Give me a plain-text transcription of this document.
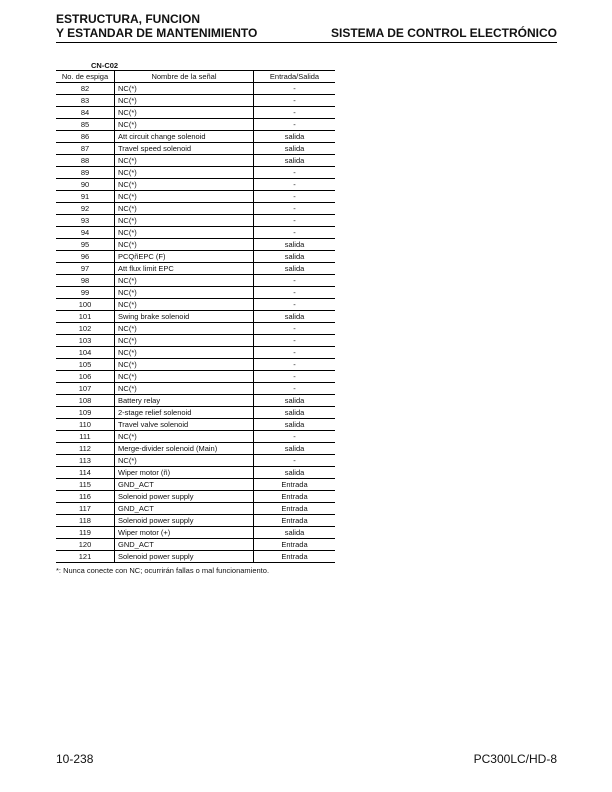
ESTRUCTURA, FUNCION
Y ESTANDAR DE MANTENIMIENTO	SISTEMA DE CONTROL ELECTRÓNICO
CN-C02
No. de espiga	Nombre de la señal	Entrada/Salida
82	NC(*)	-
83	NC(*)	-
84	NC(*)	-
85	NC(*)	-
86	Att circuit change solenoid	salida
87	Travel speed solenoid	salida
88	NC(*)	salida
89	NC(*)	-
90	NC(*)	-
91	NC(*)	-
92	NC(*)	-
93	NC(*)	-
94	NC(*)	-
95	NC(*)	salida
96	PCQñEPC (F)	salida
97	Att flux limit EPC	salida
98	NC(*)	-
99	NC(*)	-
100	NC(*)	-
101	Swing brake solenoid	salida
102	NC(*)	-
103	NC(*)	-
104	NC(*)	-
105	NC(*)	-
106	NC(*)	-
107	NC(*)	-
108	Battery relay	salida
109	2-stage relief solenoid	salida
110	Travel valve solenoid	salida
111	NC(*)	-
112	Merge-divider solenoid (Main)	salida
113	NC(*)	-
114	Wiper motor (ñ)	salida
115	GND_ACT	Entrada
116	Solenoid power supply	Entrada
117	GND_ACT	Entrada
118	Solenoid power supply	Entrada
119	Wiper motor (+)	salida
120	GND_ACT	Entrada
121	Solenoid power supply	Entrada
*: Nunca conecte con NC; ocurrirán fallas o mal funcionamiento.
10-238	PC300LC/HD-8
